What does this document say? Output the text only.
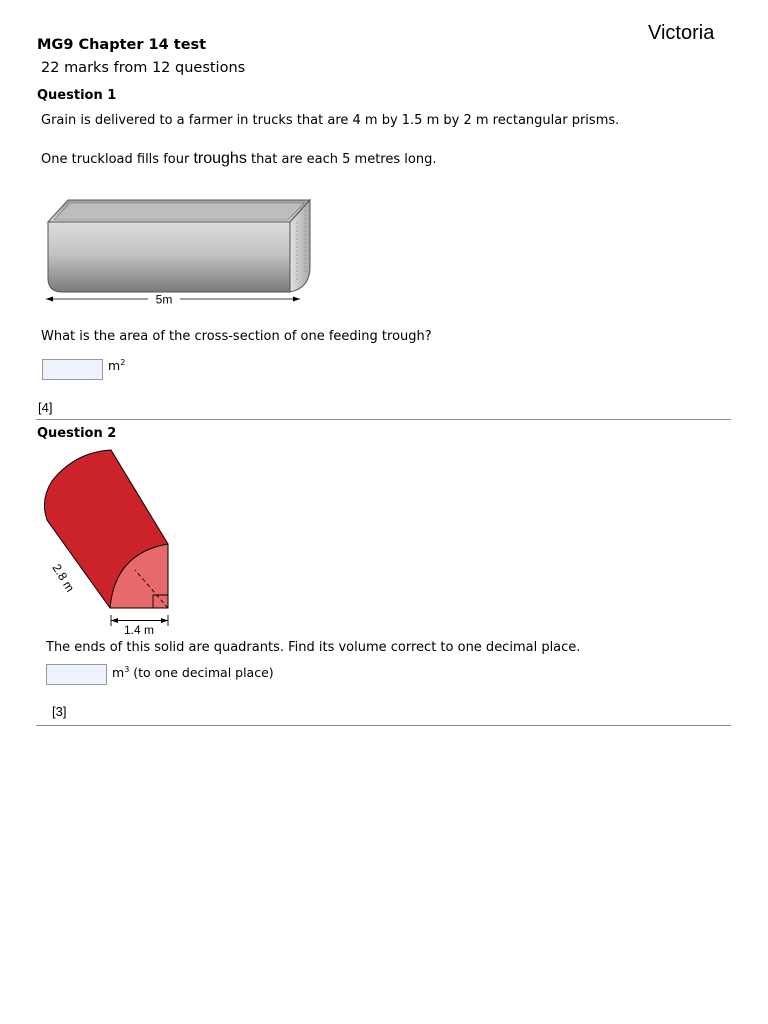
Victoria
MG9 Chapter 14 test
22 marks from 12 questions
Question 1
Grain is delivered to a farmer in trucks that are 4 m by 1.5 m by 2 m rectangular prisms.
One truckload fills four troughs that are each 5 metres long.
5m
What is the area of the cross-section of one feeding trough?
$m^2$
[4]
Question 2
2.8 m
1.4 m
The ends of this solid are quadrants. Find its volume correct to one decimal place.
$m^3$ (to one decimal place)
[3]
